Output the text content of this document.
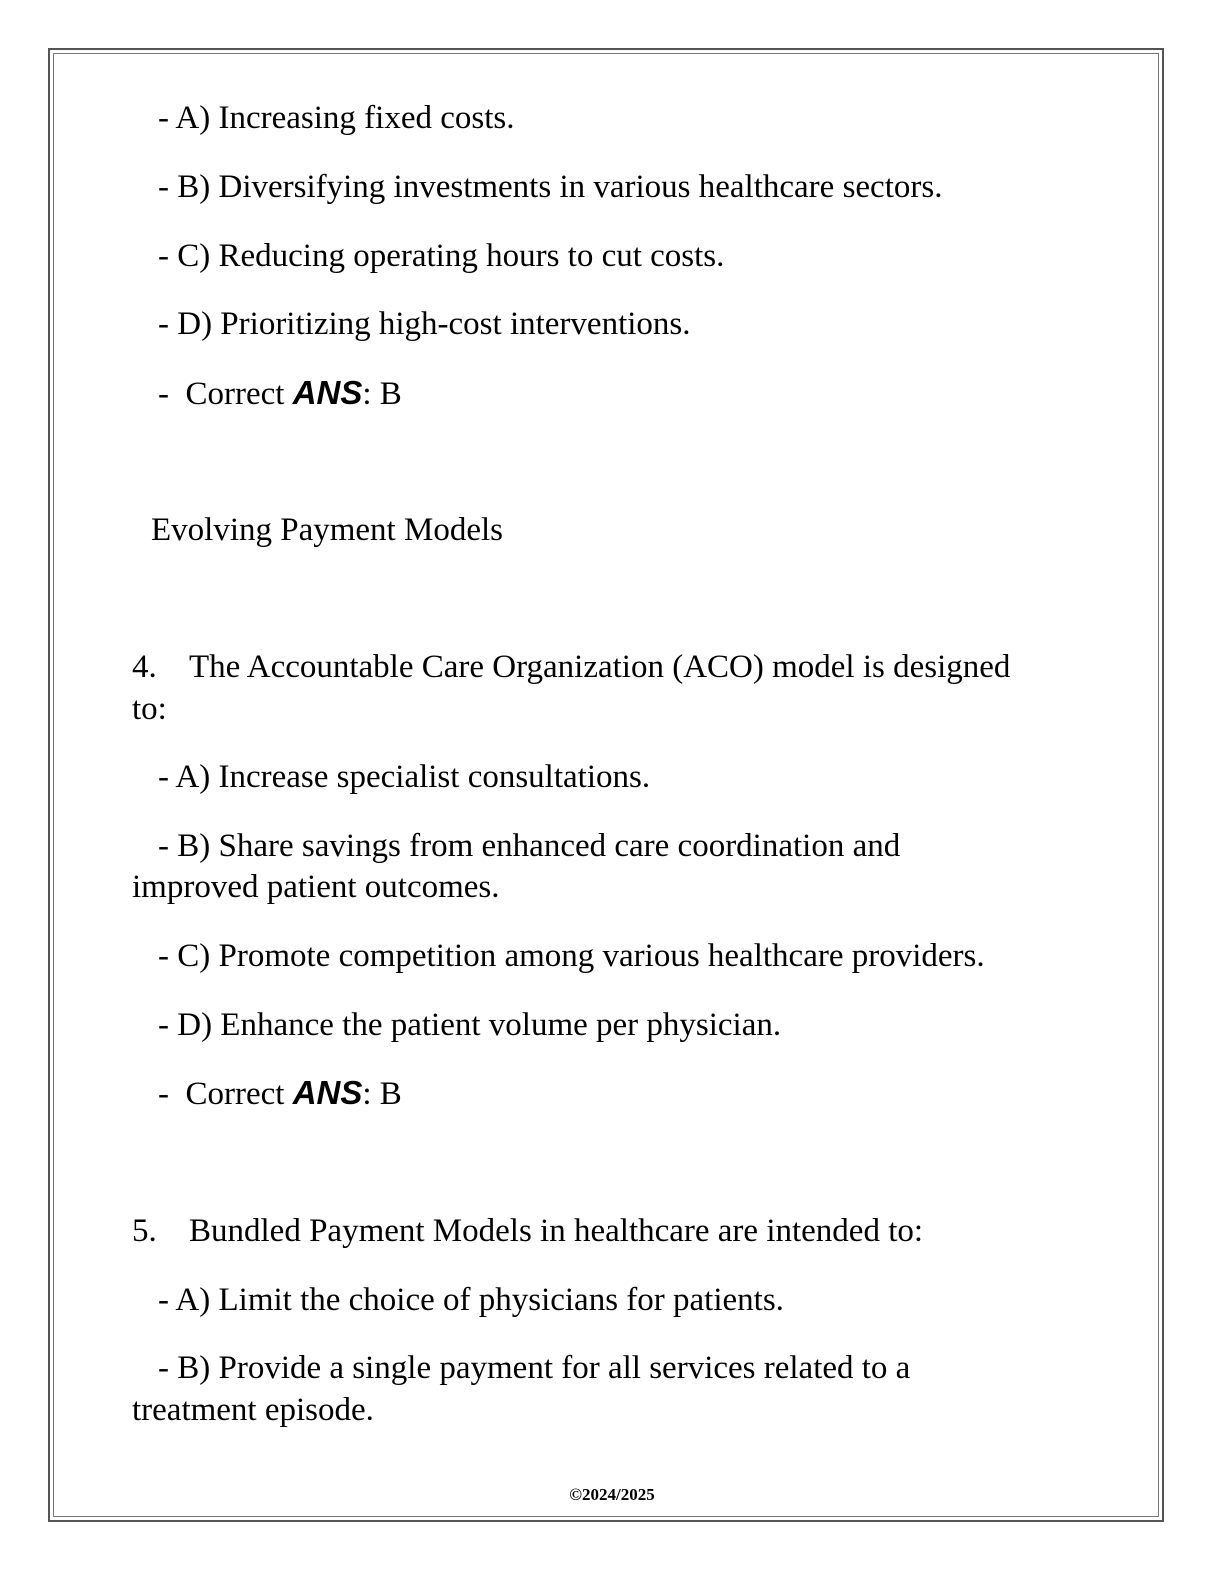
- A) Increasing fixed costs.
- B) Diversifying investments in various healthcare sectors.
- C) Reducing operating hours to cut costs.
- D) Prioritizing high-cost interventions.
-  Correct ANS: B
Evolving Payment Models
4. The Accountable Care Organization (ACO) model is designed
to:
- A) Increase specialist consultations.
- B) Share savings from enhanced care coordination and
improved patient outcomes.
- C) Promote competition among various healthcare providers.
- D) Enhance the patient volume per physician.
-  Correct ANS: B
5. Bundled Payment Models in healthcare are intended to:
- A) Limit the choice of physicians for patients.
- B) Provide a single payment for all services related to a
treatment episode.
©2024/2025
